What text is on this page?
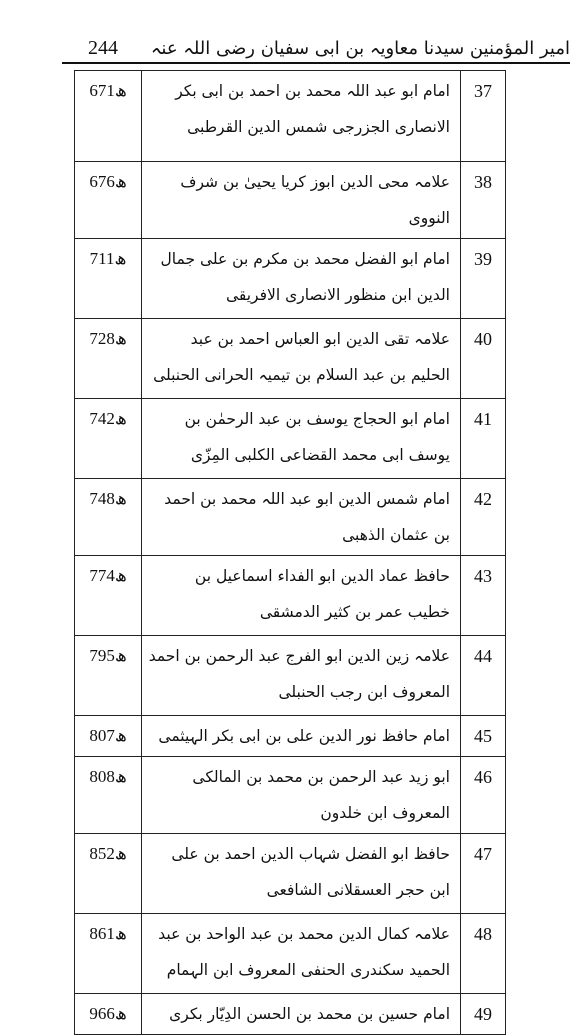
244 امیر المؤمنین سیدنا معاویہ بن ابی سفیان رضی اللہ عنہ
671ھ	امام ابو عبد اللہ محمد بن احمد بن ابی بکر الانصاری الجزرجی شمس الدین القرطبی	37
676ھ	علامہ محی الدین ابوز کریا یحییٰ بن شرف النووی	38
711ھ	امام ابو الفضل محمد بن مکرم بن علی جمال الدین ابن منظور الانصاری الافریقی	39
728ھ	علامہ تقی الدین ابو العباس احمد بن عبد الحلیم بن عبد السلام بن تیمیہ الحرانی الحنبلی	40
742ھ	امام ابو الحجاج یوسف بن عبد الرحمٰن بن یوسف ابی محمد القضاعی الکلبی المِزّی	41
748ھ	امام شمس الدین ابو عبد اللہ محمد بن احمد بن عثمان الذھبی	42
774ھ	حافظ عماد الدین ابو الفداء اسماعیل بن خطیب عمر بن کثیر الدمشقی	43
795ھ	علامہ زین الدین ابو الفرج عبد الرحمن بن احمد المعروف ابن رجب الحنبلی	44
807ھ	امام حافظ نور الدین علی بن ابی بکر الہیثمی	45
808ھ	ابو زید عبد الرحمن بن محمد بن المالکی المعروف ابن خلدون	46
852ھ	حافظ ابو الفضل شہاب الدین احمد بن علی ابن حجر العسقلانی الشافعی	47
861ھ	علامہ کمال الدین محمد بن عبد الواحد بن عبد الحمید سکندری الحنفی المعروف ابن الہمام	48
966ھ	امام حسین بن محمد بن الحسن الدِیّار بکری	49
